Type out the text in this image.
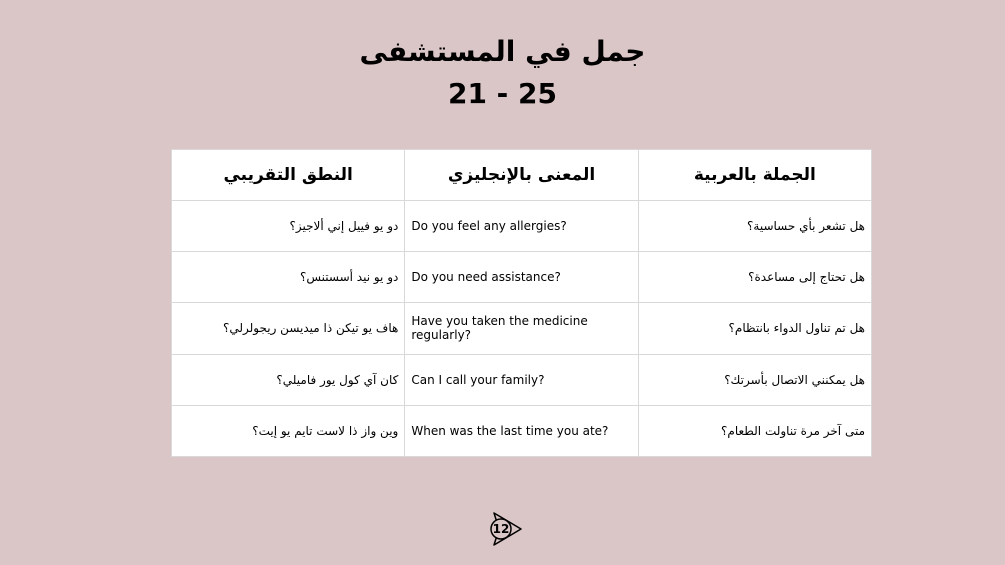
جمل في المستشفى
21 - 25
الجملة بالعربية	المعنى بالإنجليزي	النطق التقريبي
هل تشعر بأي حساسية؟	Do you feel any allergies?	دو يو فييل إني ألاجيز؟
هل تحتاج إلى مساعدة؟	Do you need assistance?	دو يو نيد أسستنس؟
هل تم تناول الدواء بانتظام؟	Have you taken the medicine regularly?	هاف يو تيكن ذا ميديسن ريجولرلي؟
هل يمكنني الاتصال بأسرتك؟	Can I call your family?	كان آي كول يور فاميلي؟
متى آخر مرة تناولت الطعام؟	When was the last time you ate?	وين واز ذا لاست تايم يو إيت؟
12
